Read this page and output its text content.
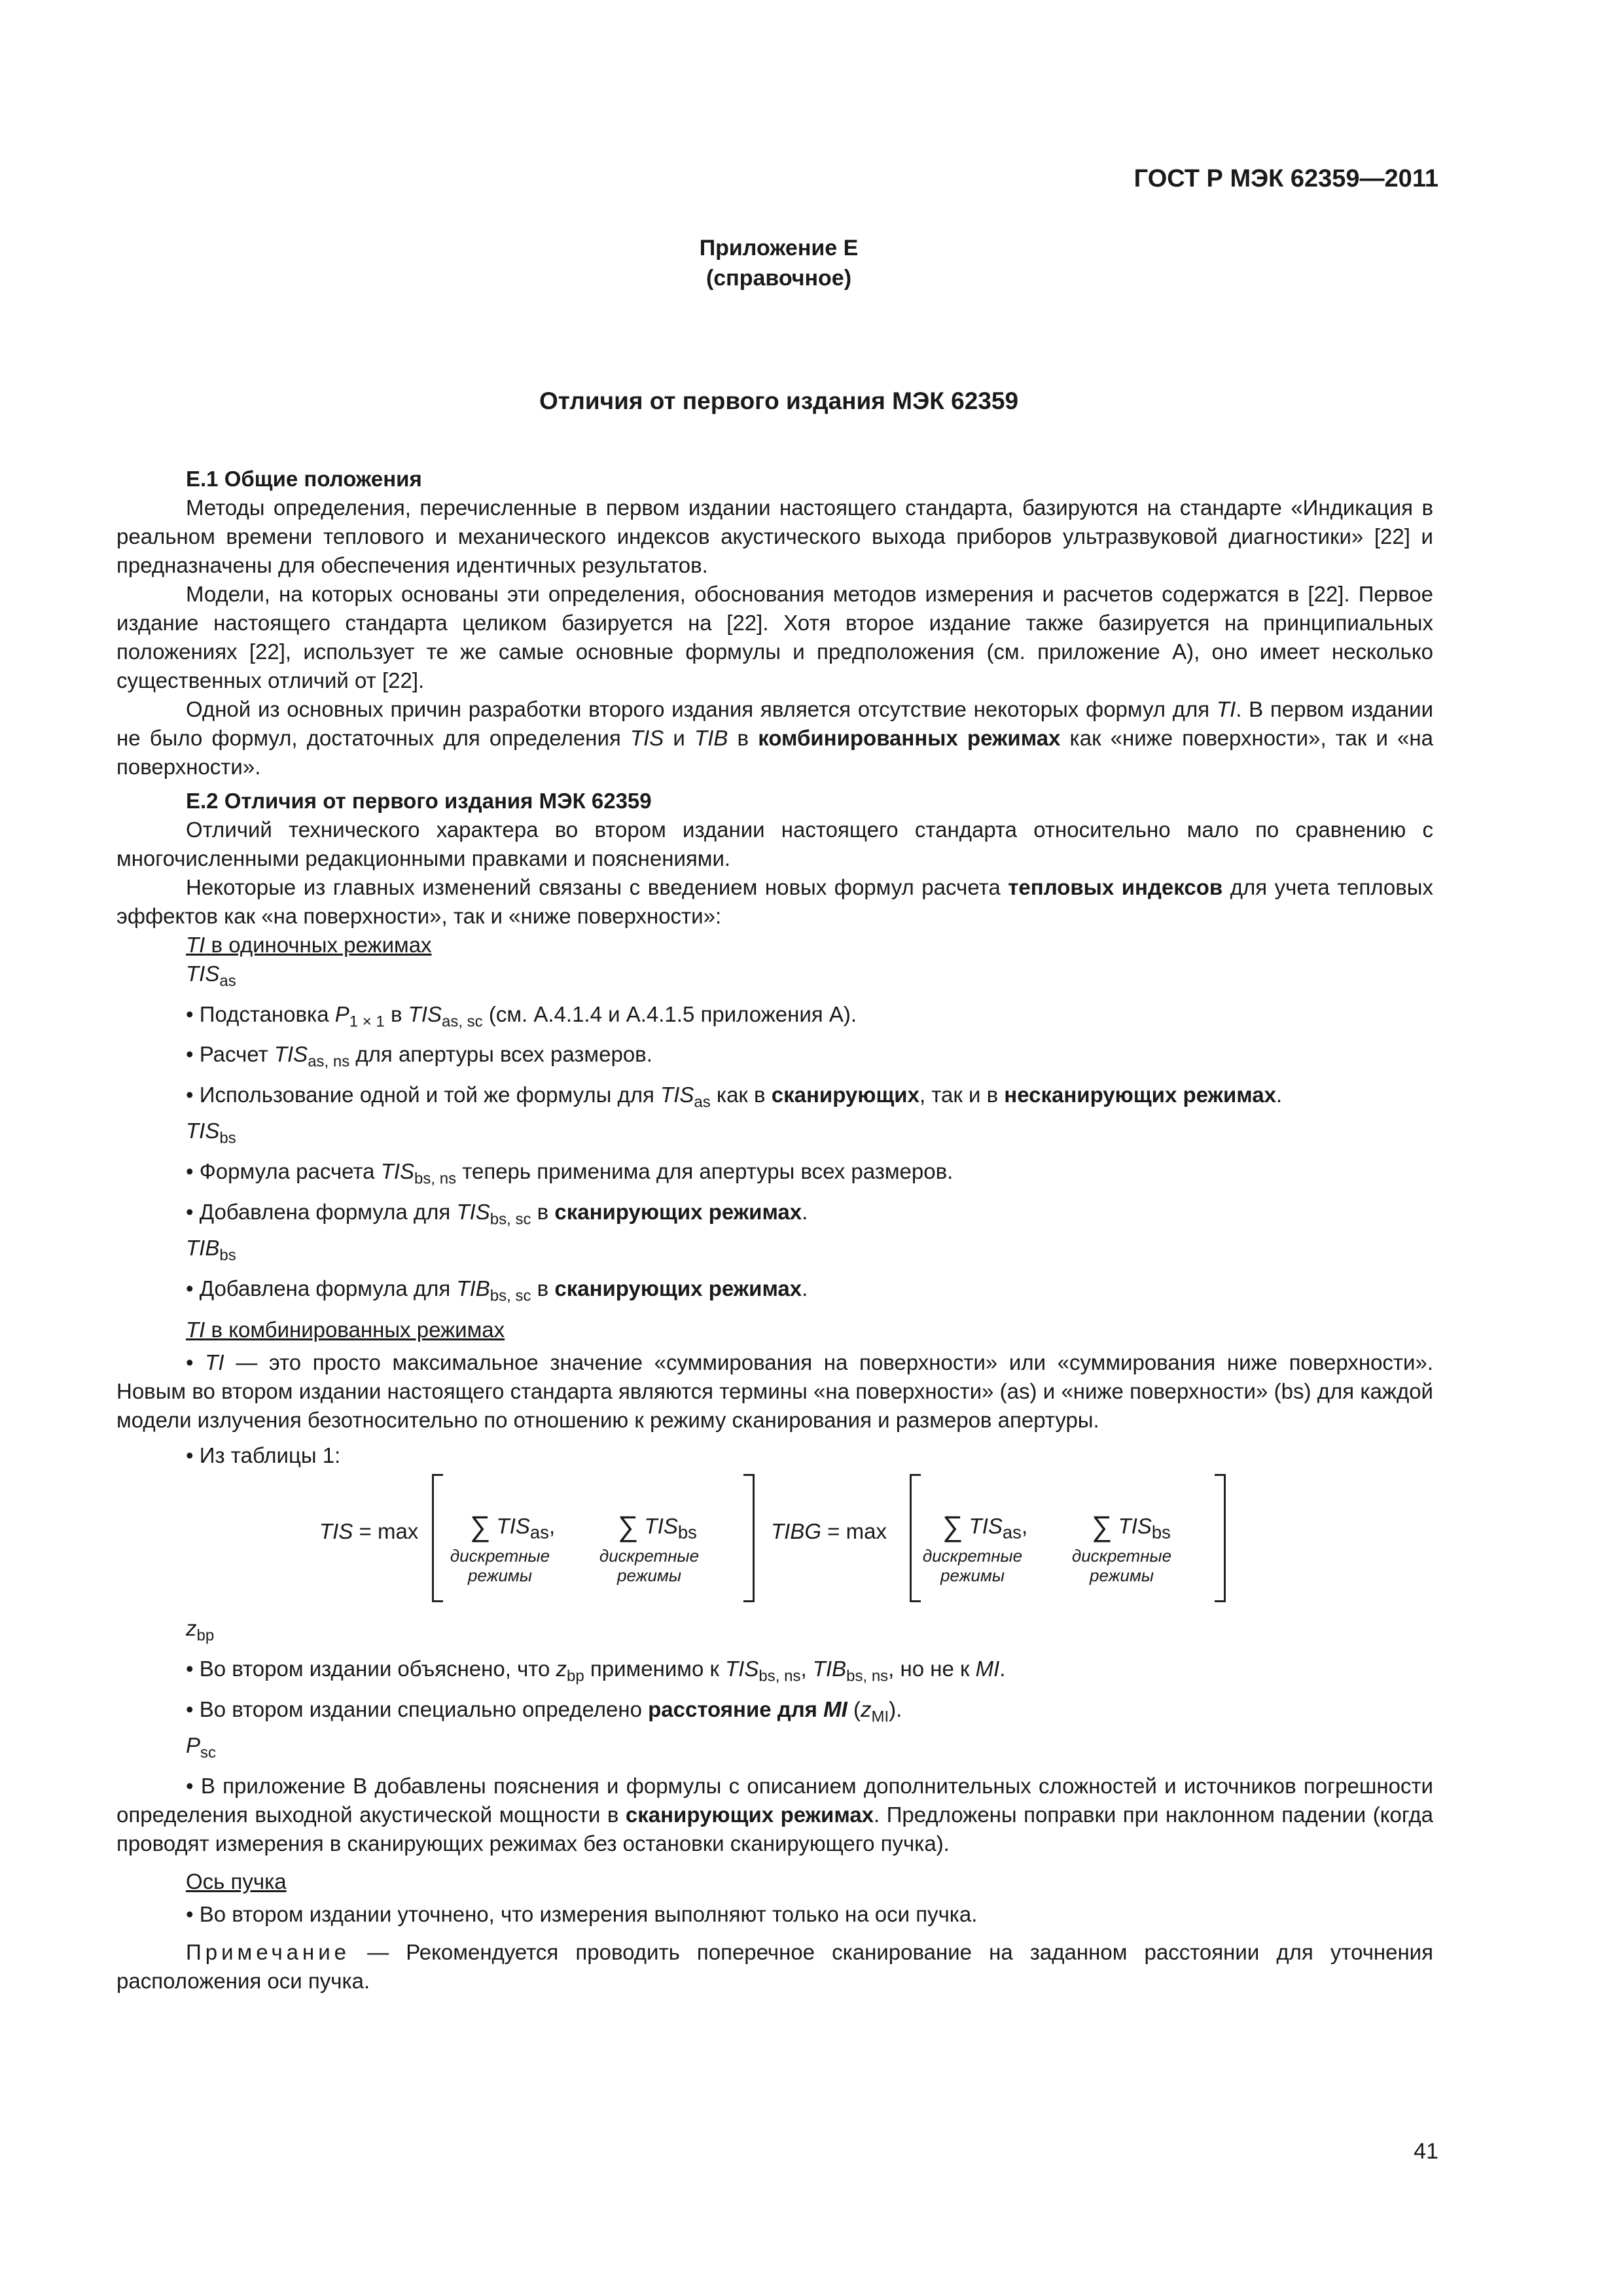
ГОСТ Р МЭК 62359—2011
Приложение Е
(справочное)
Отличия от первого издания МЭК 62359
Е.1 Общие положения
Методы определения, перечисленные в первом издании настоящего стандарта, базируются на стандарте «Индикация в реальном времени теплового и механического индексов акустического выхода приборов ультразвуковой диагностики» [22] и предназначены для обеспечения идентичных результатов.
Модели, на которых основаны эти определения, обоснования методов измерения и расчетов содержатся в [22]. Первое издание настоящего стандарта целиком базируется на [22]. Хотя второе издание также базируется на принципиальных положениях [22], использует те же самые основные формулы и предположения (см. приложение А), оно имеет несколько существенных отличий от [22].
Одной из основных причин разработки второго издания является отсутствие некоторых формул для TI. В первом издании не было формул, достаточных для определения TIS и TIB в комбинированных режимах как «ниже поверхности», так и «на поверхности».
Е.2 Отличия от первого издания МЭК 62359
Отличий технического характера во втором издании настоящего стандарта относительно мало по сравнению с многочисленными редакционными правками и пояснениями.
Некоторые из главных изменений связаны с введением новых формул расчета тепловых индексов для учета тепловых эффектов как «на поверхности», так и «ниже поверхности»:
TI в одиночных режимах
$TIS_{as}$
• Подстановка $P_{1 \times 1}$ в $TIS_{as, sc}$ (см. А.4.1.4 и А.4.1.5 приложения А).
• Расчет $TIS_{as, ns}$ для апертуры всех размеров.
• Использование одной и той же формулы для $TIS_{as}$ как в сканирующих, так и в несканирующих режимах.
$TIS_{bs}$
• Формула расчета $TIS_{bs, ns}$ теперь применима для апертуры всех размеров.
• Добавлена формула для $TIS_{bs, sc}$ в сканирующих режимах.
$TIB_{bs}$
• Добавлена формула для $TIB_{bs, sc}$ в сканирующих режимах.
TI в комбинированных режимах
• TI — это просто максимальное значение «суммирования на поверхности» или «суммирования ниже поверхности». Новым во втором издании настоящего стандарта являются термины «на поверхности» (as) и «ниже поверхности» (bs) для каждой модели излучения безотносительно по отношению к режиму сканирования и размеров апертуры.
• Из таблицы 1:
TIS = max ∑ $TIS_{as}$, ∑ $TIS_{bs}$
дискретные
режимы
дискретные
режимы
TIBG = max ∑ $TIS_{as}$, ∑ $TIS_{bs}$
дискретные
режимы
дискретные
режимы
$z_{bp}$
• Во втором издании объяснено, что $z_{bp}$ применимо к $TIS_{bs, ns}$, $TIB_{bs, ns}$, но не к MI.
• Во втором издании специально определено расстояние для MI $(z_{MI})$.
$P_{sc}$
• В приложение В добавлены пояснения и формулы с описанием дополнительных сложностей и источников погрешности определения выходной акустической мощности в сканирующих режимах. Предложены поправки при наклонном падении (когда проводят измерения в сканирующих режимах без остановки сканирующего пучка).
Ось пучка
• Во втором издании уточнено, что измерения выполняют только на оси пучка.
Примечание — Рекомендуется проводить поперечное сканирование на заданном расстоянии для уточнения расположения оси пучка.
41
